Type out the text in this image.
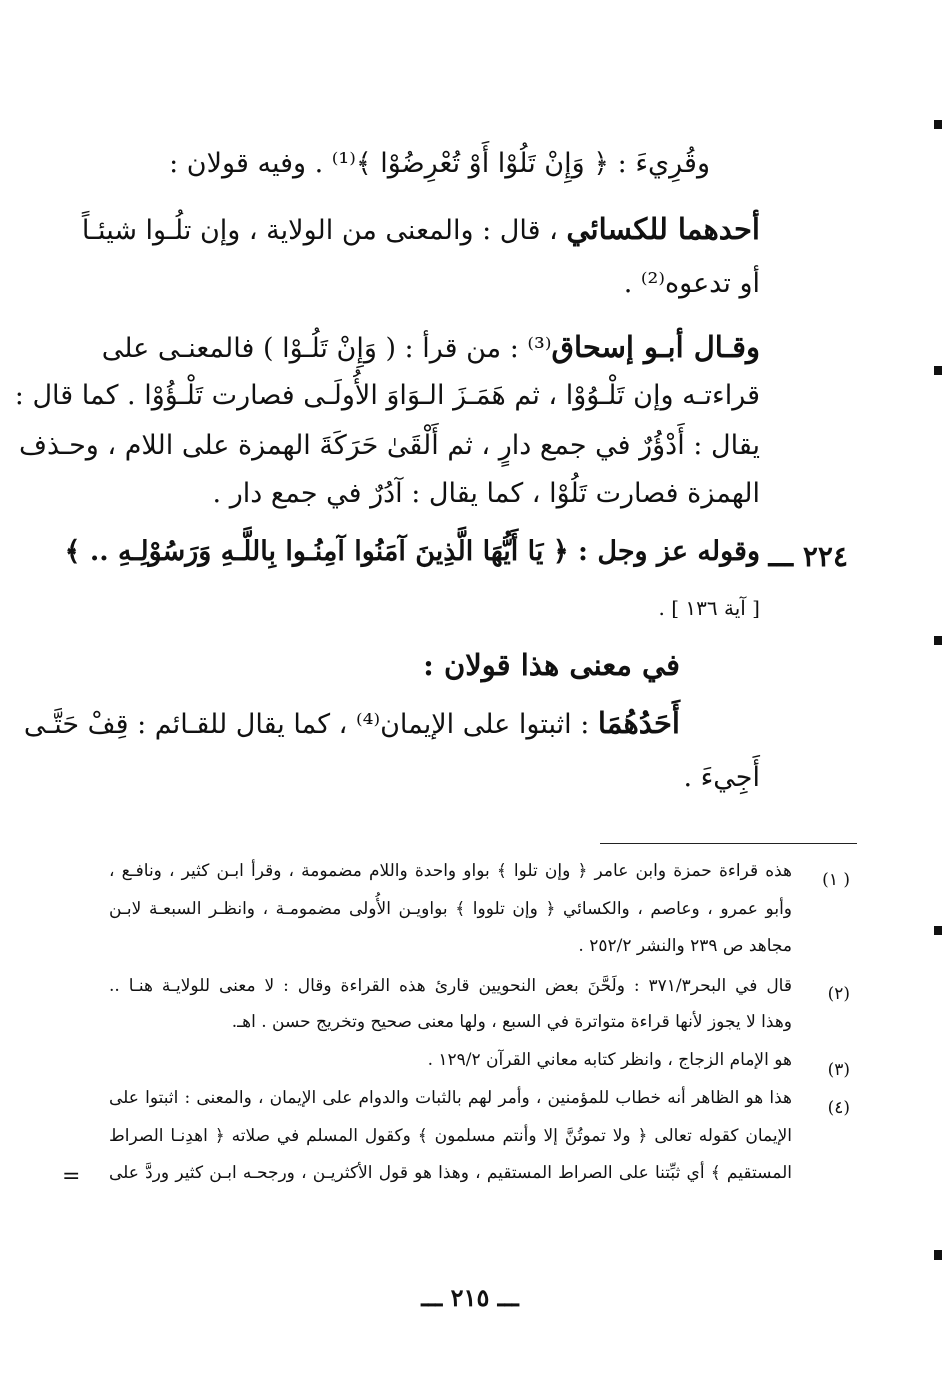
وقُرِيءَ : ﴿ وَإِنْ تَلُوْا أَوْ تُعْرِضُوْا ﴾⁽¹⁾ . وفيه قولان :
أحدهما للكسائي ، قال : والمعنى من الولاية ، وإن تلُـوا شيئـاً
أو تدعوه⁽²⁾ .
وقـال أبـو إسحاق⁽³⁾ : من قرأ : ( وَإِنْ تَلُـوْا ) فالمعنـى على
قراءتـه وإن تَلْـوُوْا ، ثم هَمَـزَ الـوَاوَ الأُولَـى فصارت تَلْـؤُوْا . كما قال :
يقال : أَدْؤُرٌ في جمع دارٍ ، ثم أَلْقَىٰ حَرَكَةَ الهمزة على اللام ، وحـذف
الهمزة فصارت تَلُوْا ، كما يقال : آدُرٌ في جمع دار .
٢٢٤ ـــ
وقوله عز وجل : ﴿ يَا أَيُّهَا الَّذِينَ آمَنُوا آمِنُـوا بِاللَّـهِ وَرَسُوْلِـهِ .. ﴾
[ آية ١٣٦ ] .
في معنى هذا قولان :
أَحَدُهُمَا : اثبتوا على الإيمان⁽⁴⁾ ، كما يقال للقـائم : قِفْ حَتَّـى
أَجِيءَ .
( ١)
هذه قراءة حمزة وابن عامر ﴿ وإن تلوا ﴾ بواو واحدة واللام مضمومة ، وقرأ ابـن كثير ، ونافـع ،
وأبو عمرو ، وعاصم ، والكسائي ﴿ وإن تلووا ﴾ بواويـن الأُولى مضمومـة ، وانظـر السبعـة لابـن
مجاهد ص ٢٣٩ والنشر ٢٥٢/٢ .
(٢)
قال في البحر٣٧١/٣ : ولَحَّنَ بعض النحويين قارئ هذه القراءة وقال : لا معنى للولايـة هنـا ..
وهذا لا يجوز لأنها قراءة متواترة في السبع ، ولها معنى صحيح وتخريج حسن . اهـ.
(٣)
هو الإمام الزجاج ، وانظر كتابه معاني القرآن ١٢٩/٢ .
(٤)
هذا هو الظاهر أنه خطاب للمؤمنين ، وأمر لهم بالثبات والدوام على الإيمان ، والمعنى : اثبتوا على
الإيمان كقوله تعالى ﴿ ولا تموتُنَّ إلا وأنتم مسلمون ﴾ وكقول المسلم في صلاته ﴿ اهدِنـا الصراط
المستقيم ﴾ أي ثبِّتنا على الصراط المستقيم ، وهذا هو قول الأكثريـن ، ورجحـه ابـن كثير وردَّ على
=
ـــ ٢١٥ ـــ
